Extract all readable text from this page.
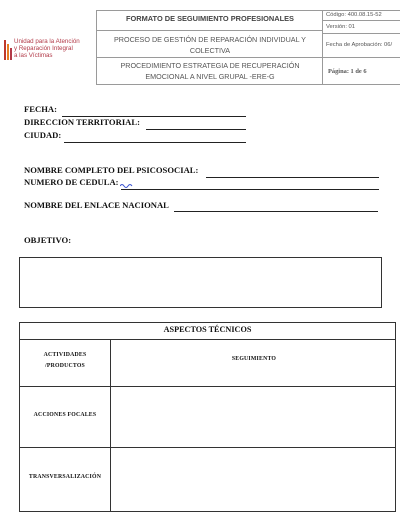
Unidad para la Atención
y Reparación Integral
a las Víctimas
FORMATO DE SEGUIMIENTO PROFESIONALES
PROCESO DE GESTIÓN DE REPARACIÓN INDIVIDUAL Y COLECTIVA
PROCEDIMIENTO ESTRATEGIA DE RECUPERACIÓN EMOCIONAL A NIVEL GRUPAL -ERE-G
Código: 400.08.15-52
Versión: 01
Fecha de Aprobación: 06/
Página: 1 de 6
FECHA:
DIRECCION TERRITORIAL:
CIUDAD:
NOMBRE COMPLETO DEL PSICOSOCIAL:
NUMERO DE CEDULA:
NOMBRE DEL ENLACE NACIONAL
OBJETIVO:
ASPECTOS TÉCNICOS
ACTIVIDADES /PRODUCTOS
SEGUIMIENTO
ACCIONES FOCALES
TRANSVERSALIZACIÓN
